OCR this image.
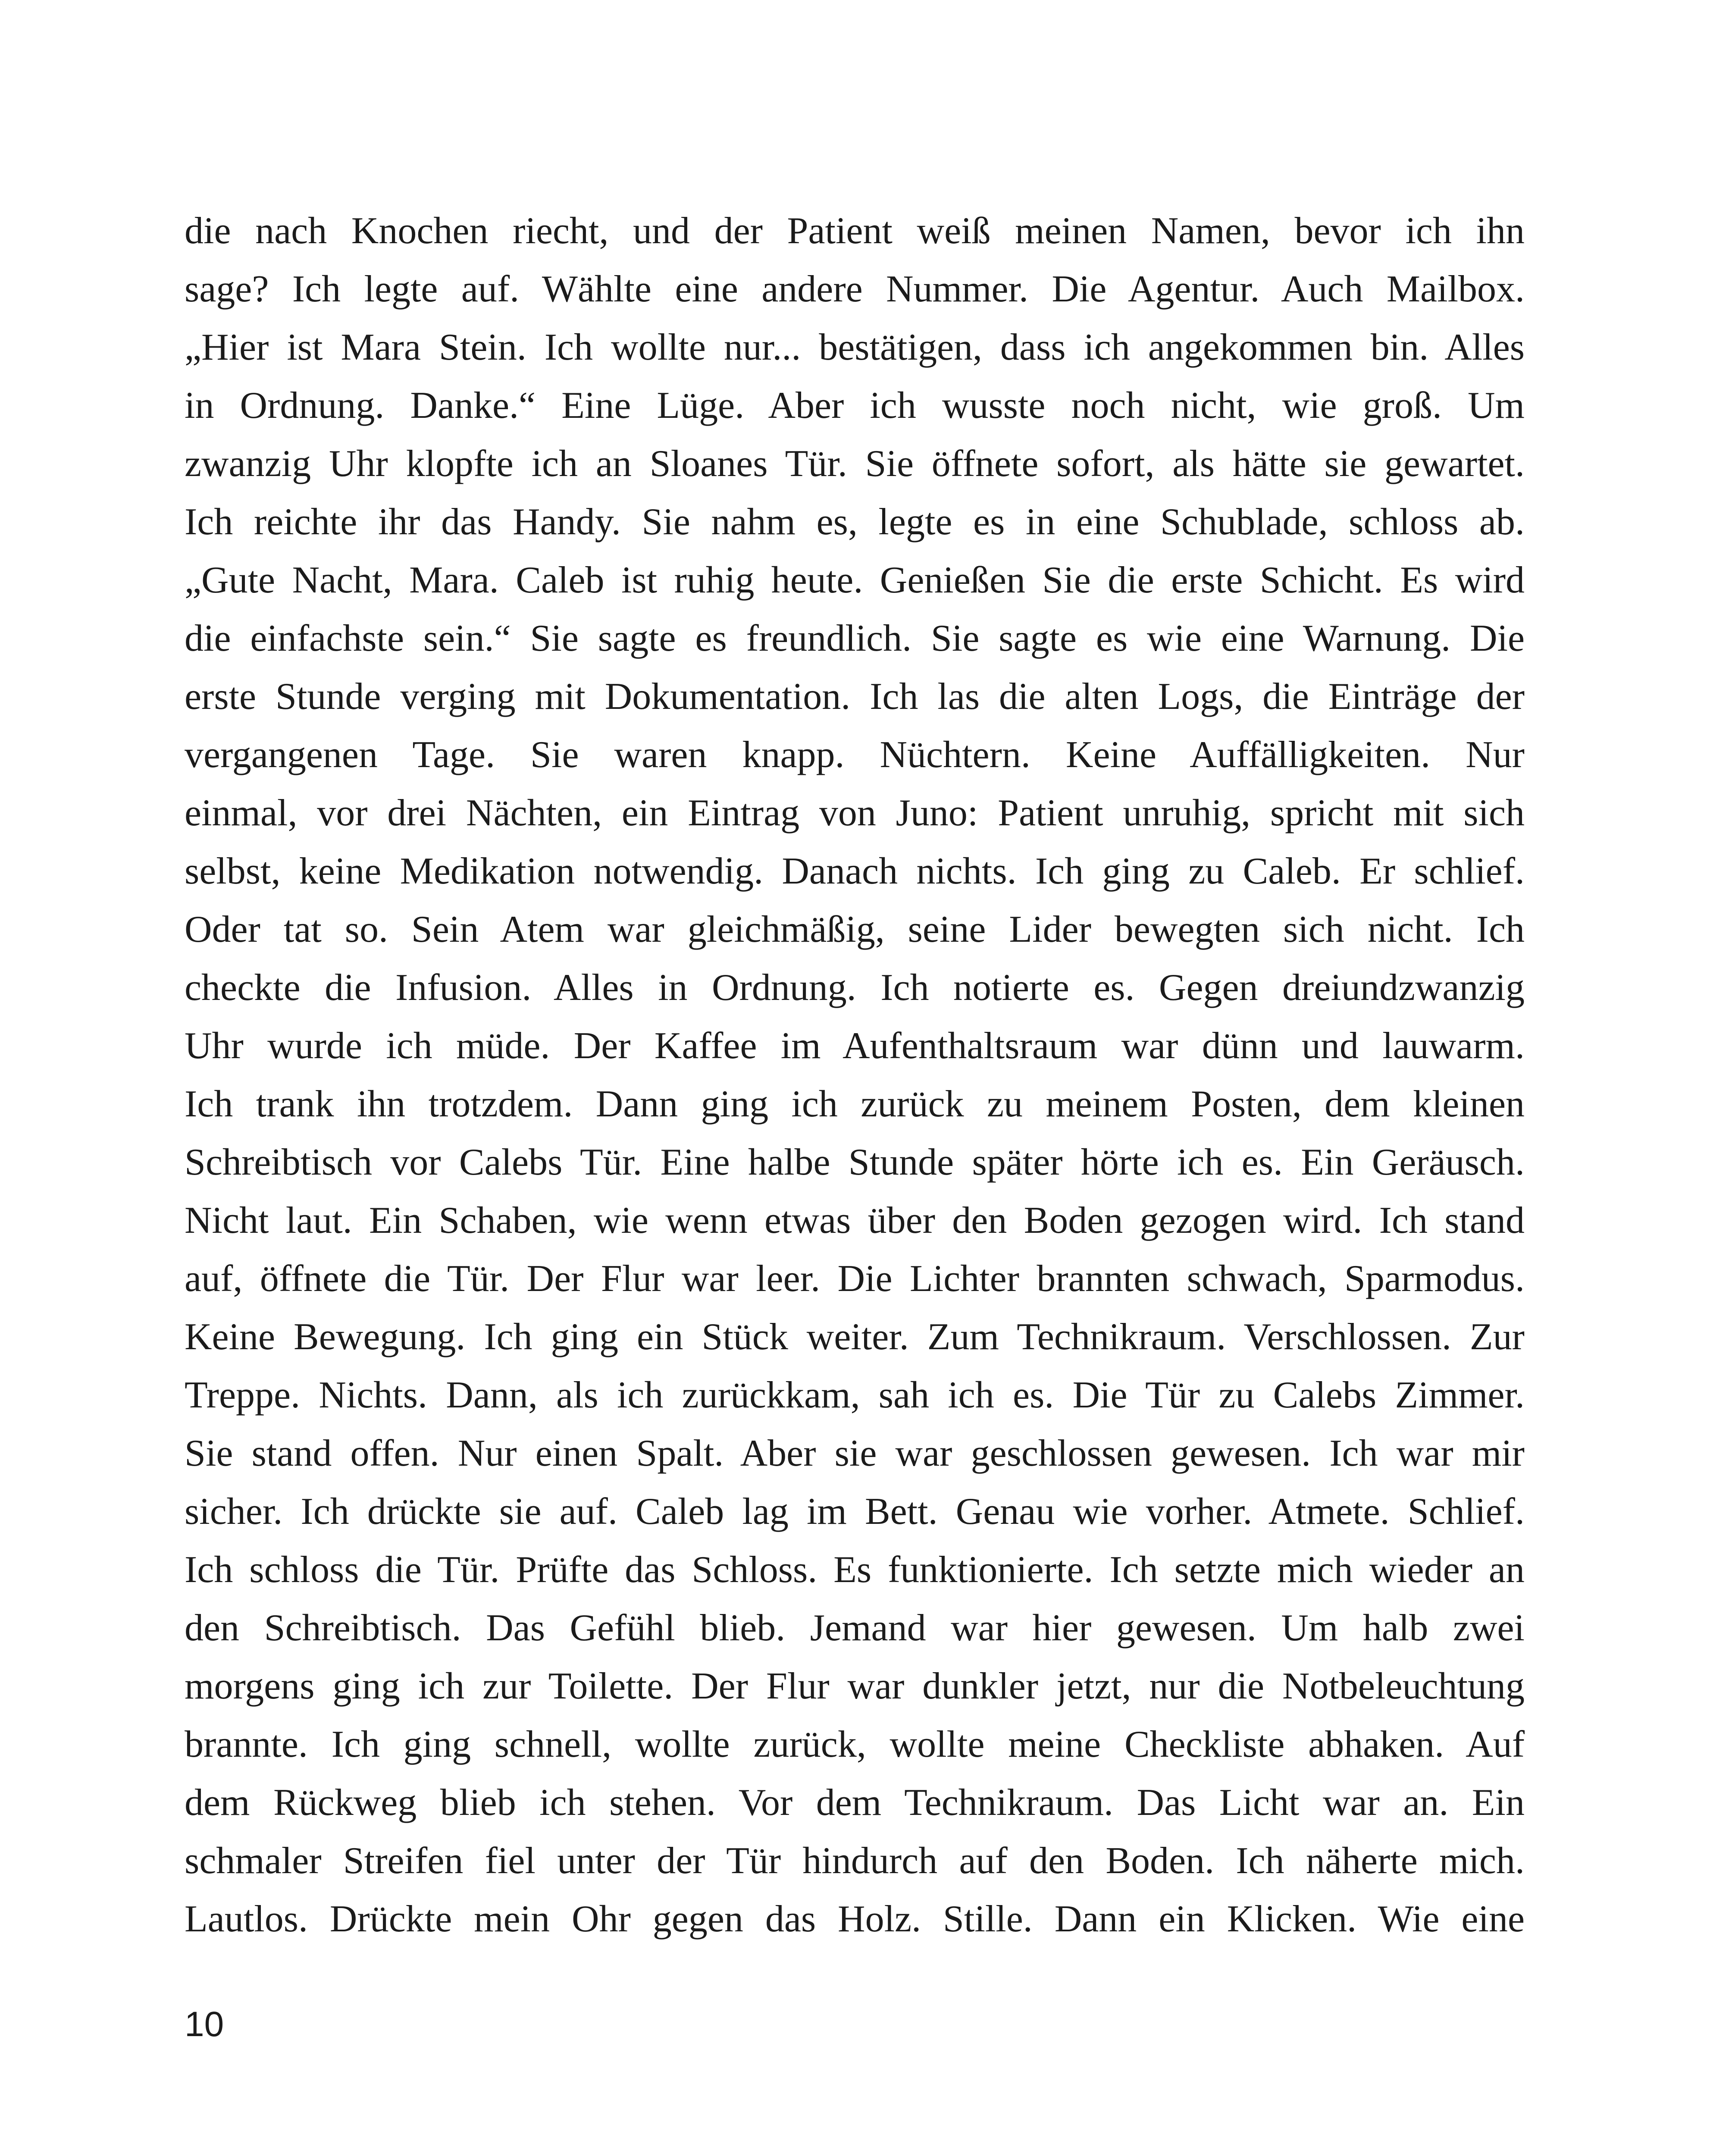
die nach Knochen riecht, und der Patient weiß meinen Namen, bevor ich ihn
sage? Ich legte auf. Wählte eine andere Nummer. Die Agentur. Auch Mailbox.
„Hier ist Mara Stein. Ich wollte nur... bestätigen, dass ich angekommen bin. Alles
in Ordnung. Danke.“ Eine Lüge. Aber ich wusste noch nicht, wie groß. Um
zwanzig Uhr klopfte ich an Sloanes Tür. Sie öffnete sofort, als hätte sie gewartet.
Ich reichte ihr das Handy. Sie nahm es, legte es in eine Schublade, schloss ab.
„Gute Nacht, Mara. Caleb ist ruhig heute. Genießen Sie die erste Schicht. Es wird
die einfachste sein.“ Sie sagte es freundlich. Sie sagte es wie eine Warnung. Die
erste Stunde verging mit Dokumentation. Ich las die alten Logs, die Einträge der
vergangenen Tage. Sie waren knapp. Nüchtern. Keine Auffälligkeiten. Nur
einmal, vor drei Nächten, ein Eintrag von Juno: Patient unruhig, spricht mit sich
selbst, keine Medikation notwendig. Danach nichts. Ich ging zu Caleb. Er schlief.
Oder tat so. Sein Atem war gleichmäßig, seine Lider bewegten sich nicht. Ich
checkte die Infusion. Alles in Ordnung. Ich notierte es. Gegen dreiundzwanzig
Uhr wurde ich müde. Der Kaffee im Aufenthaltsraum war dünn und lauwarm.
Ich trank ihn trotzdem. Dann ging ich zurück zu meinem Posten, dem kleinen
Schreibtisch vor Calebs Tür. Eine halbe Stunde später hörte ich es. Ein Geräusch.
Nicht laut. Ein Schaben, wie wenn etwas über den Boden gezogen wird. Ich stand
auf, öffnete die Tür. Der Flur war leer. Die Lichter brannten schwach, Sparmodus.
Keine Bewegung. Ich ging ein Stück weiter. Zum Technikraum. Verschlossen. Zur
Treppe. Nichts. Dann, als ich zurückkam, sah ich es. Die Tür zu Calebs Zimmer.
Sie stand offen. Nur einen Spalt. Aber sie war geschlossen gewesen. Ich war mir
sicher. Ich drückte sie auf. Caleb lag im Bett. Genau wie vorher. Atmete. Schlief.
Ich schloss die Tür. Prüfte das Schloss. Es funktionierte. Ich setzte mich wieder an
den Schreibtisch. Das Gefühl blieb. Jemand war hier gewesen. Um halb zwei
morgens ging ich zur Toilette. Der Flur war dunkler jetzt, nur die Notbeleuchtung
brannte. Ich ging schnell, wollte zurück, wollte meine Checkliste abhaken. Auf
dem Rückweg blieb ich stehen. Vor dem Technikraum. Das Licht war an. Ein
schmaler Streifen fiel unter der Tür hindurch auf den Boden. Ich näherte mich.
Lautlos. Drückte mein Ohr gegen das Holz. Stille. Dann ein Klicken. Wie eine
10
